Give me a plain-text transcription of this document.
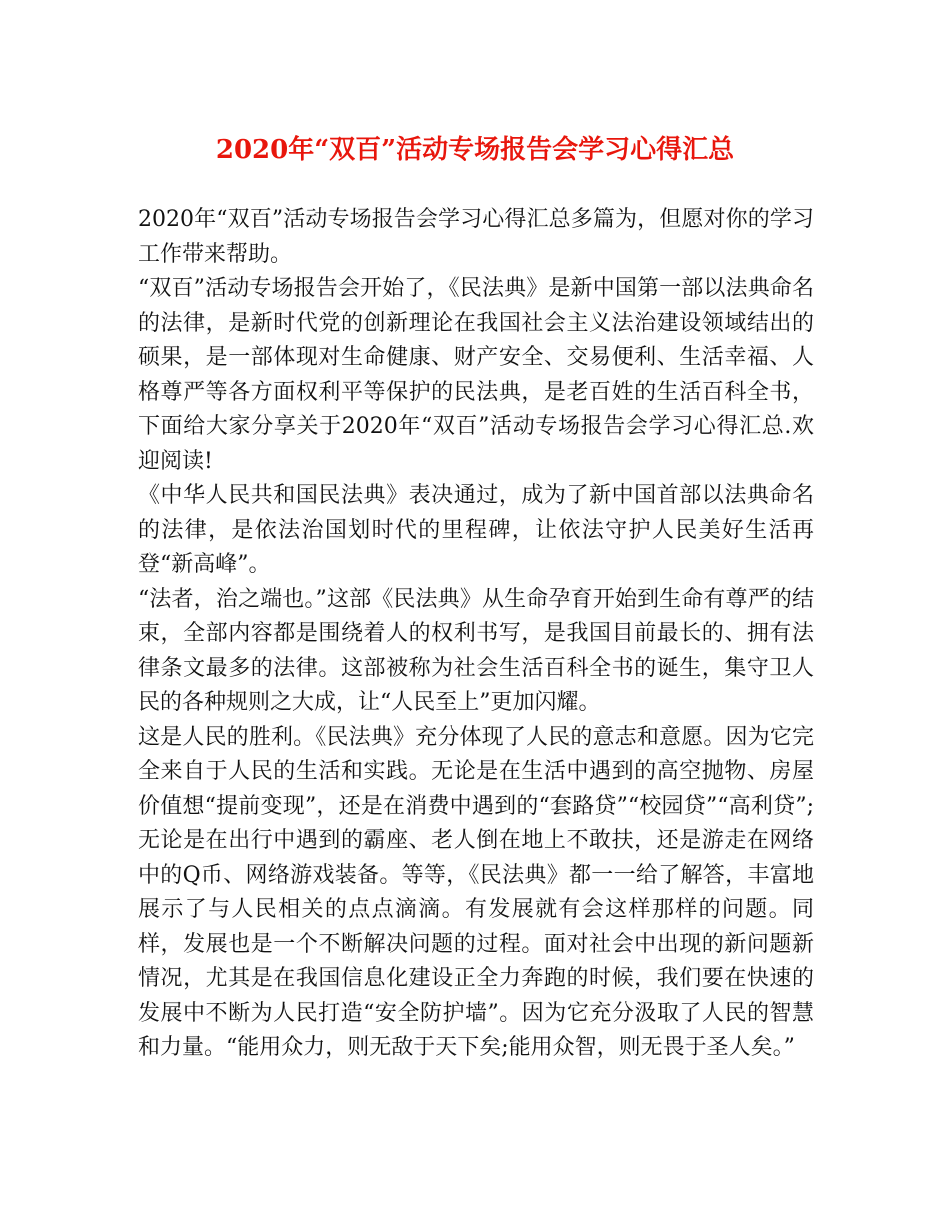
2020年“双百”活动专场报告会学习心得汇总

2020年“双百”活动专场报告会学习心得汇总多篇为，但愿对你的学习工作带来帮助。

“双百”活动专场报告会开始了，《民法典》是新中国第一部以法典命名的法律，是新时代党的创新理论在我国社会主义法治建设领域结出的硕果，是一部体现对生命健康、财产安全、交易便利、生活幸福、人格尊严等各方面权利平等保护的民法典，是老百姓的生活百科全书，下面给大家分享关于2020年“双百”活动专场报告会学习心得汇总.欢迎阅读!

《中华人民共和国民法典》表决通过，成为了新中国首部以法典命名的法律，是依法治国划时代的里程碑，让依法守护人民美好生活再登“新高峰”。

“法者，治之端也。”这部《民法典》从生命孕育开始到生命有尊严的结束，全部内容都是围绕着人的权利书写，是我国目前最长的、拥有法律条文最多的法律。这部被称为社会生活百科全书的诞生，集守卫人民的各种规则之大成，让“人民至上”更加闪耀。

这是人民的胜利。《民法典》充分体现了人民的意志和意愿。因为它完全来自于人民的生活和实践。无论是在生活中遇到的高空抛物、房屋价值想“提前变现”，还是在消费中遇到的“套路贷”“校园贷”“高利贷”;无论是在出行中遇到的霸座、老人倒在地上不敢扶，还是游走在网络中的Q币、网络游戏装备。等等，《民法典》都一一给了解答，丰富地展示了与人民相关的点点滴滴。有发展就有会这样那样的问题。同样，发展也是一个不断解决问题的过程。面对社会中出现的新问题新情况，尤其是在我国信息化建设正全力奔跑的时候，我们要在快速的发展中不断为人民打造“安全防护墙”。因为它充分汲取了人民的智慧和力量。“能用众力，则无敌于天下矣;能用众智，则无畏于圣人矣。”
